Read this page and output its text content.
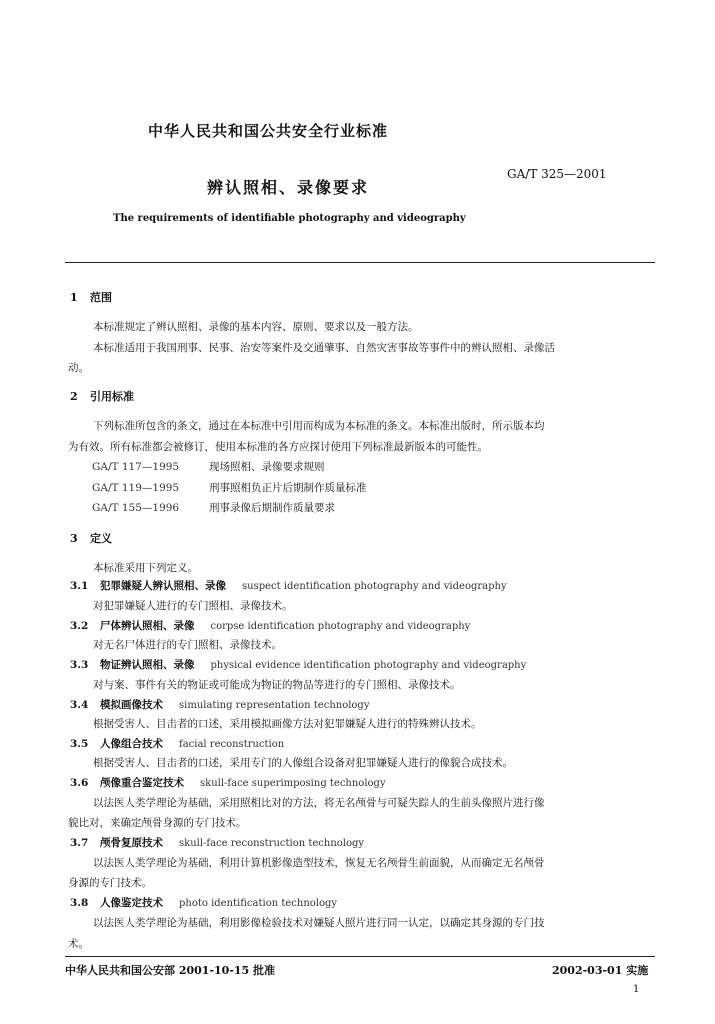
中华人民共和国公共安全行业标准
GA/T 325—2001
辨认照相、录像要求
The requirements of identifiable photography and videography
1 范围
本标准规定了辨认照相、录像的基本内容、原则、要求以及一般方法。
本标准适用于我国刑事、民事、治安等案件及交通肇事、自然灾害事故等事件中的辨认照相、录像活
动。
2 引用标准
下列标准所包含的条文，通过在本标准中引用而构成为本标准的条文。本标准出版时，所示版本均
为有效。所有标准都会被修订，使用本标准的各方应探讨使用下列标准最新版本的可能性。
GA/T 117—1995	现场照相、录像要求规则
GA/T 119—1995	刑事照相负正片后期制作质量标准
GA/T 155—1996	刑事录像后期制作质量要求
3 定义
本标准采用下列定义。
3.1 犯罪嫌疑人辨认照相、录像 suspect identification photography and videography
对犯罪嫌疑人进行的专门照相、录像技术。
3.2 尸体辨认照相、录像 corpse identification photography and videography
对无名尸体进行的专门照相、录像技术。
3.3 物证辨认照相、录像 physical evidence identification photography and videography
对与案、事件有关的物证或可能成为物证的物品等进行的专门照相、录像技术。
3.4 模拟画像技术 simulating representation technology
根据受害人、目击者的口述，采用模拟画像方法对犯罪嫌疑人进行的特殊辨认技术。
3.5 人像组合技术 facial reconstruction
根据受害人、目击者的口述，采用专门的人像组合设备对犯罪嫌疑人进行的像貌合成技术。
3.6 颅像重合鉴定技术 skull-face superimposing technology
以法医人类学理论为基础，采用照相比对的方法，将无名颅骨与可疑失踪人的生前头像照片进行像
貌比对，来确定颅骨身源的专门技术。
3.7 颅骨复原技术 skull-face reconstruction technology
以法医人类学理论为基础，利用计算机影像造型技术，恢复无名颅骨生前面貌，从而确定无名颅骨
身源的专门技术。
3.8 人像鉴定技术 photo identification technology
以法医人类学理论为基础，利用影像检验技术对嫌疑人照片进行同一认定，以确定其身源的专门技
术。
中华人民共和国公安部 2001-10-15 批准	2002-03-01 实施
1
